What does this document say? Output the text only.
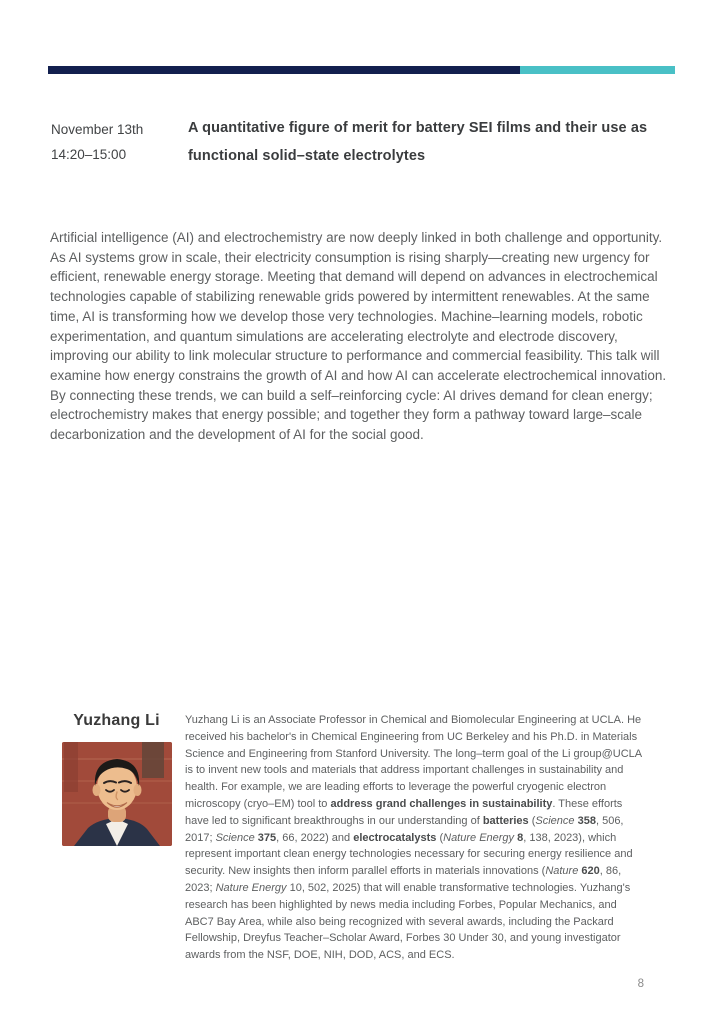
November 13th
14:20–15:00
A quantitative figure of merit for battery SEI films and their use as functional solid–state electrolytes

Artificial intelligence (AI) and electrochemistry are now deeply linked in both challenge and opportunity. As AI systems grow in scale, their electricity consumption is rising sharply—creating new urgency for efficient, renewable energy storage. Meeting that demand will depend on advances in electrochemical technologies capable of stabilizing renewable grids powered by intermittent renewables. At the same time, AI is transforming how we develop those very technologies. Machine–learning models, robotic experimentation, and quantum simulations are accelerating electrolyte and electrode discovery, improving our ability to link molecular structure to performance and commercial feasibility. This talk will examine how energy constrains the growth of AI and how AI can accelerate electrochemical innovation. By connecting these trends, we can build a self–reinforcing cycle: AI drives demand for clean energy; electrochemistry makes that energy possible; and together they form a pathway toward large–scale decarbonization and the development of AI for the social good.

Yuzhang Li	Yuzhang Li is an Associate Professor in Chemical and Biomolecular Engineering at UCLA. He received his bachelor's in Chemical Engineering from UC Berkeley and his Ph.D. in Materials Science and Engineering from Stanford University. The long–term goal of the Li group@UCLA is to invent new tools and materials that address important challenges in sustainability and health. For example, we are leading efforts to leverage the powerful cryogenic electron microscopy (cryo–EM) tool to address grand challenges in sustainability. These efforts have led to significant breakthroughs in our understanding of batteries (Science 358, 506, 2017; Science 375, 66, 2022) and electrocatalysts (Nature Energy 8, 138, 2023), which represent important clean energy technologies necessary for securing energy resilience and security. New insights then inform parallel efforts in materials innovations (Nature 620, 86, 2023; Nature Energy 10, 502, 2025) that will enable transformative technologies. Yuzhang's research has been highlighted by news media including Forbes, Popular Mechanics, and ABC7 Bay Area, while also being recognized with several awards, including the Packard Fellowship, Dreyfus Teacher–Scholar Award, Forbes 30 Under 30, and young investigator awards from the NSF, DOE, NIH, DOD, ACS, and ECS.
8
